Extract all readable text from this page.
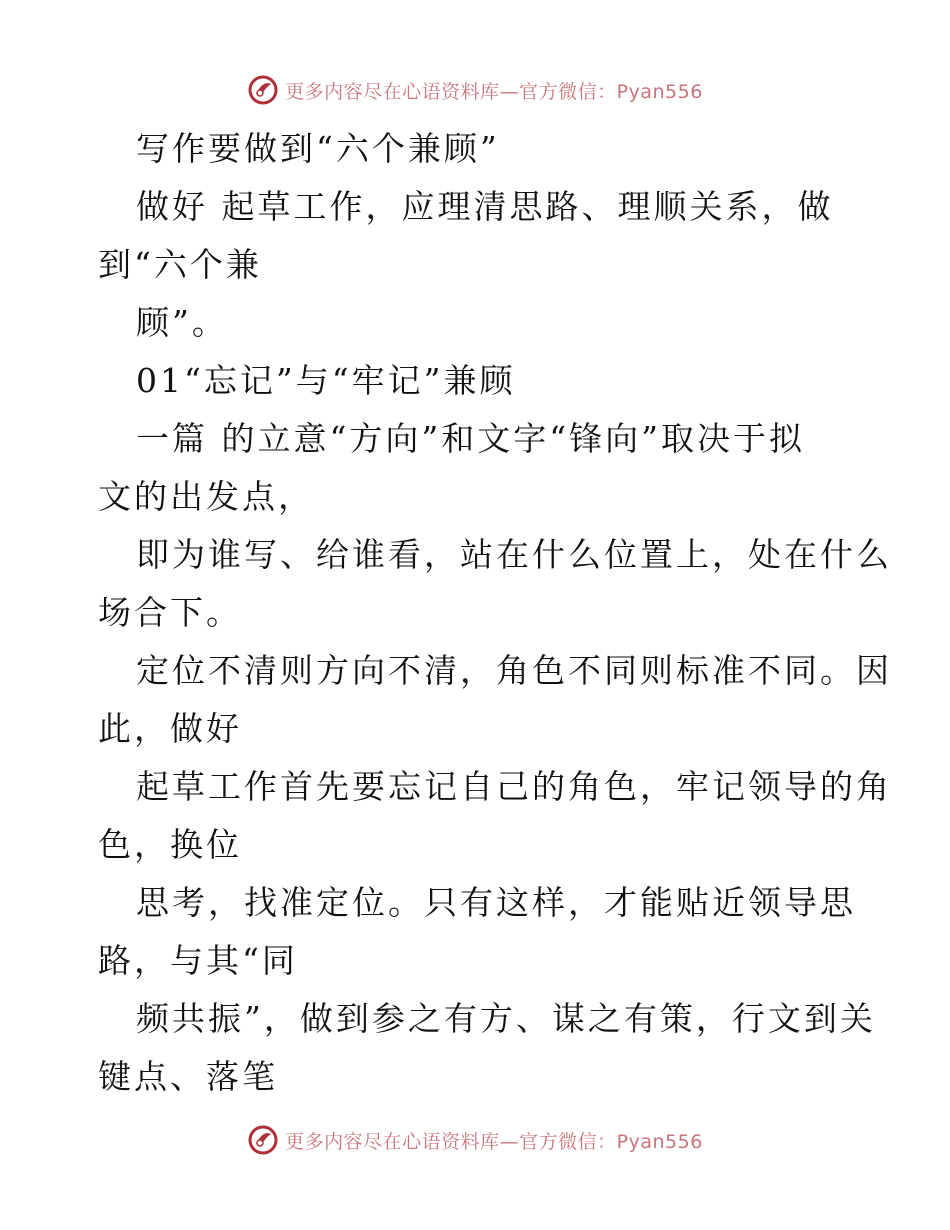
更多内容尽在心语资料库—官方微信：Pyan556
写作要做到“六个兼顾”
做好 起草工作，应理清思路、理顺关系，做
到“六个兼
顾”。
01“忘记”与“牢记”兼顾
一篇 的立意“方向”和文字“锋向”取决于拟
文的出发点，
即为谁写、给谁看，站在什么位置上，处在什么
场合下。
定位不清则方向不清，角色不同则标准不同。因
此，做好
起草工作首先要忘记自己的角色，牢记领导的角
色，换位
思考，找准定位。只有这样，才能贴近领导思
路，与其“同
频共振”，做到参之有方、谋之有策，行文到关
键点、落笔
更多内容尽在心语资料库—官方微信：Pyan556
